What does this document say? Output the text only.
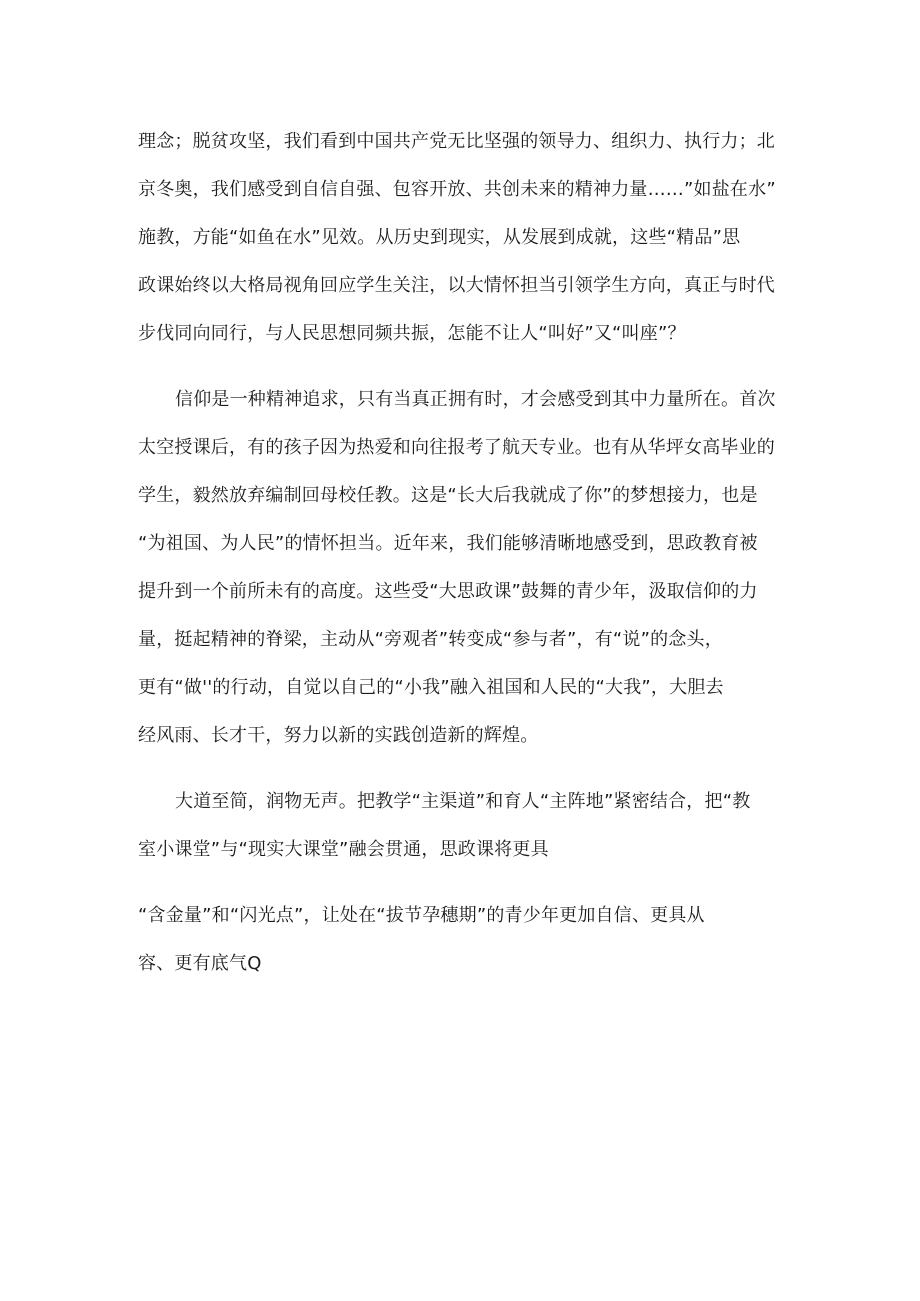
理念；脱贫攻坚，我们看到中国共产党无比坚强的领导力、组织力、执行力；北
京冬奥，我们感受到自信自强、包容开放、共创未来的精神力量……”如盐在水”
施教，方能“如鱼在水”见效。从历史到现实，从发展到成就，这些“精品”思
政课始终以大格局视角回应学生关注，以大情怀担当引领学生方向，真正与时代
步伐同向同行，与人民思想同频共振，怎能不让人“叫好”又“叫座”？
信仰是一种精神追求，只有当真正拥有时，才会感受到其中力量所在。首次
太空授课后，有的孩子因为热爱和向往报考了航天专业。也有从华坪女高毕业的
学生，毅然放弃编制回母校任教。这是“长大后我就成了你”的梦想接力，也是
“为祖国、为人民”的情怀担当。近年来，我们能够清晰地感受到，思政教育被
提升到一个前所未有的高度。这些受“大思政课”鼓舞的青少年，汲取信仰的力
量，挺起精神的脊梁，主动从“旁观者”转变成“参与者”，有“说”的念头，
更有“做''的行动，自觉以自己的“小我”融入祖国和人民的“大我”，大胆去
经风雨、长才干，努力以新的实践创造新的辉煌。
大道至简，润物无声。把教学“主渠道”和育人“主阵地”紧密结合，把“教
室小课堂”与“现实大课堂”融会贯通，思政课将更具
“含金量”和“闪光点”，让处在“拔节孕穗期”的青少年更加自信、更具从
容、更有底气Q
